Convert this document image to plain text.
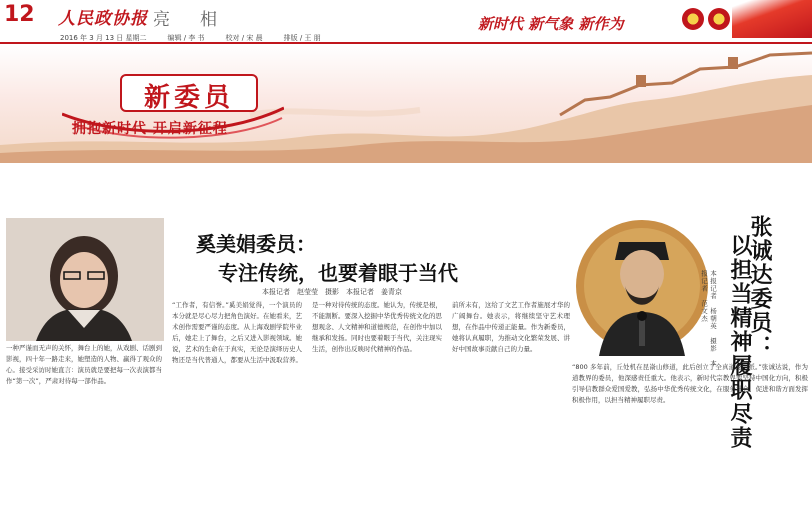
12 人民政协报 亮相	新时代 新气象 新作为
2016 年 3 月 13 日 星期二　　　编辑 / 李 书　　　校对 / 宋 晨　　　排版 / 王 朋
新委员
拥抱新时代 开启新征程
奚美娟委员：
专注传统，也要着眼于当代
本报记者　赵莹莹　摄影　本报记者　姜青京
一种严谨而无声的关怀，舞台上的她，从戏剧、话剧到影视，四十年一路走来，她塑造的人物、赢得了观众的心。接受采访时她直言：演员就是要把每一次表演都当作“第一次”，严肃对待每一部作品。
“工作者，有信誉。”奚美娟觉得，一个演员的本分就是尽心尽力把角色演好。在她看来，艺术创作需要严谨的态度。从上海戏剧学院毕业后，她走上了舞台，之后又进入影视领域。她说，艺术的生命在于真实，无论是演绎历史人物还是当代普通人，都要从生活中汲取营养。
是一种对待传统的态度。她认为，传统是根，不能割断。要深入挖掘中华优秀传统文化的思想观念、人文精神和道德规范，在创作中加以继承和发扬。同时也要着眼于当代，关注现实生活，创作出反映时代精神的作品。
前所未有，这给了文艺工作者施展才华的广阔舞台。她表示，将继续坚守艺术理想，在作品中传递正能量。作为新委员，她将认真履职，为推动文化繁荣发展、讲好中国故事贡献自己的力量。	张诚达委员：
以担当精神履职尽责
本报记者　杨朝英　摄影　本报记者　范文杰
“800 多年前，丘处机在昆嵛山修道，此后创立了全真道龙门派。”张诚达说，作为道教界的委员，他深感责任重大。他表示，新时代宗教界要坚持中国化方向，积极引导信教群众爱国爱教，弘扬中华优秀传统文化，在服务社会、促进和谐方面发挥积极作用，以担当精神履职尽责。
